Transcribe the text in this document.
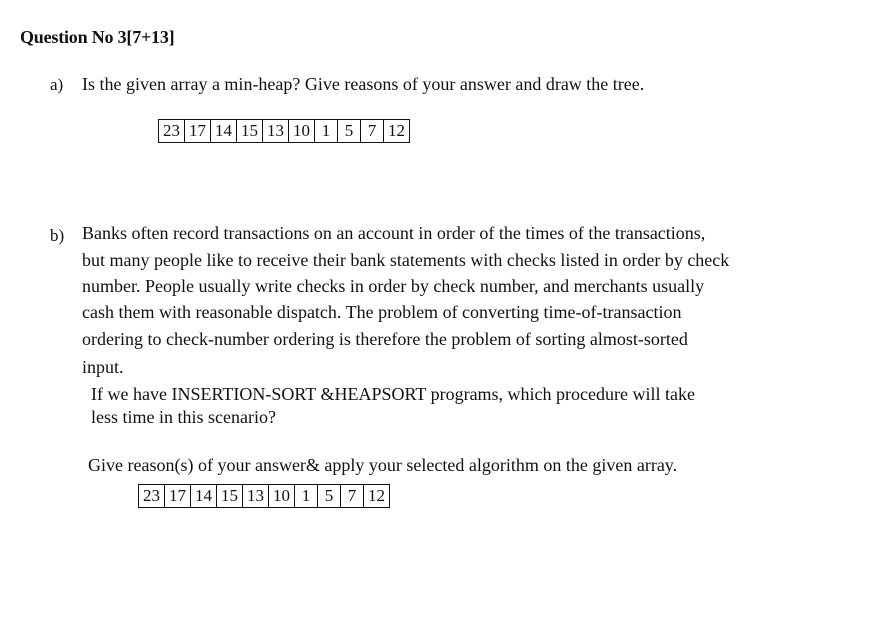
Question No 3[7+13]
a) Is the given array a min-heap? Give reasons of your answer and draw the tree.
23 17 14 15 13 10 1 5 7 12
b) Banks often record transactions on an account in order of the times of the transactions,
but many people like to receive their bank statements with checks listed in order by check
number. People usually write checks in order by check number, and merchants usually
cash them with reasonable dispatch. The problem of converting time-of-transaction
ordering to check-number ordering is therefore the problem of sorting almost-sorted
input.
If we have INSERTION-SORT &HEAPSORT programs, which procedure will take
less time in this scenario?
Give reason(s) of your answer& apply your selected algorithm on the given array.
23 17 14 15 13 10 1 5 7 12
